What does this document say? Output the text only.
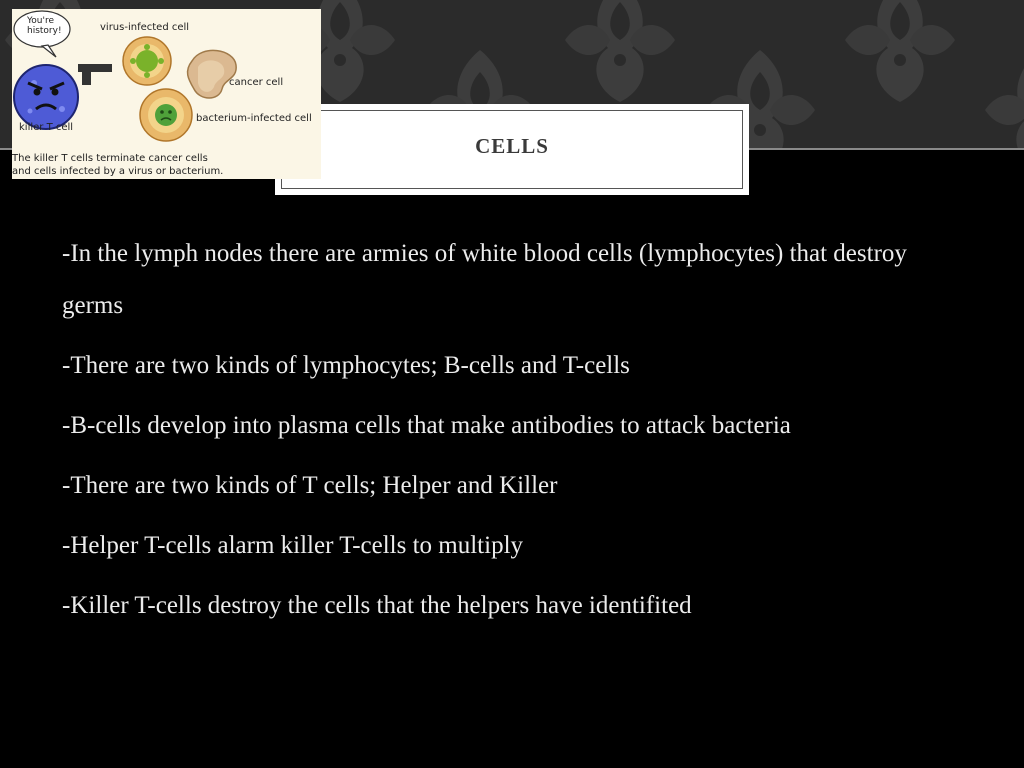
CELLS
You're history!	virus-infected cell
cancer cell
bacterium-infected cell
killer T cell
The killer T cells terminate cancer cells
and cells infected by a virus or bacterium.

-In the lymph nodes there are armies of white blood cells (lymphocytes) that destroy germs

-There are two kinds of lymphocytes; B-cells and T-cells

-B-cells develop into plasma cells that make antibodies to attack bacteria

-There are two kinds of T cells; Helper and Killer

-Helper T-cells alarm killer T-cells to multiply

-Killer T-cells destroy the cells that the helpers have identifited
